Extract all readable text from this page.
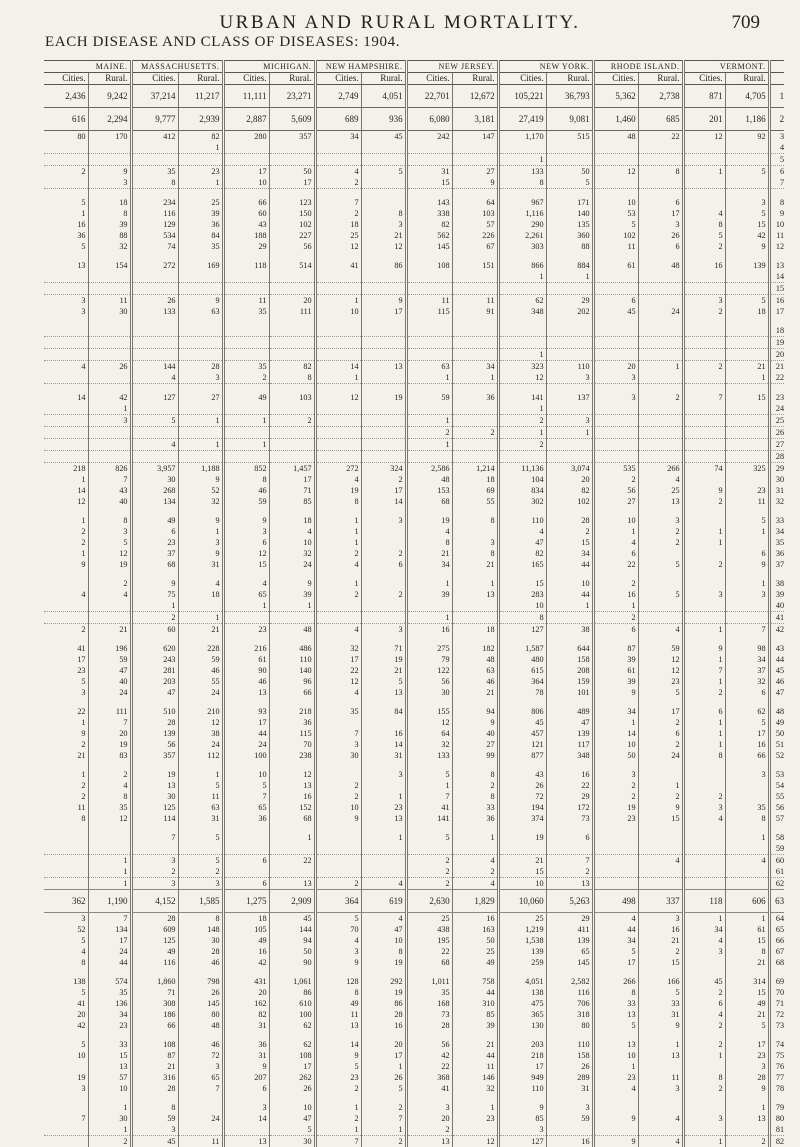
URBAN AND RURAL MORTALITY.	709
EACH DISEASE AND CLASS OF DISEASES: 1904.
MAINE.		MASSACHUSETTS.		MICHIGAN.		NEW HAMPSHIRE.		NEW JERSEY.		NEW YORK.		RHODE ISLAND.		VERMONT.		
Cities.	Rural.	Cities.	Rural.	Cities.	Rural.	Cities.	Rural.	Cities.	Rural.	Cities.	Rural.	Cities.	Rural.	Cities.	Rural.	
2,436	9,242	37,214	11,217	11,111	23,271	2,749	4,051	22,701	12,672	105,221	36,793	5,362	2,738	871	4,705	1
616	2,294	9,777	2,939	2,887	5,609	689	936	6,080	3,181	27,419	9,081	1,460	685	201	1,186	2
80	170	412	82	280	357	34	45	242	147	1,170	515	48	22	12	92	3
			1													4
										1						5
2	9	35	23	17	50	4	5	31	27	133	50	12	8	1	5	6
	3	8	1	10	17	2		15	9	8	5					7

5	18	234	25	66	123	7		143	64	967	171	10	6		3	8
1	8	116	39	60	150	2	8	338	103	1,116	140	53	17	4	5	9
16	39	129	36	43	102	18	3	82	57	290	135	5	3	8	15	10
36	88	534	84	188	227	25	21	562	226	2,261	360	102	26	5	42	11
5	32	74	35	29	56	12	12	145	67	303	88	11	6	2	9	12

13	154	272	169	118	514	41	86	108	151	866	884	61	48	16	139	13
										1	1					14
																15
3	11	26	9	11	20	1	9	11	11	62	29	6		3	5	16
3	30	133	63	35	111	10	17	115	91	348	202	45	24	2	18	17

																18
																19
										1						20
4	26	144	28	35	82	14	13	63	34	323	110	20	1	2	21	21
		4	3	2	8	1		1	1	12	3	3			1	22

14	42	127	27	49	103	12	19	59	36	141	137	3	2	7	15	23
	1									1						24
	3	5	1	1	2			1		2	3					25
								2	2	1	1					26
		4	1	1				1		2						27
																28
218	826	3,957	1,188	852	1,457	272	324	2,586	1,214	11,136	3,074	535	266	74	325	29
1	7	30	9	8	17	4	2	48	18	104	20	2	4			30
14	43	268	52	46	71	19	17	153	69	834	82	56	25	9	23	31
12	40	134	32	59	85	8	14	68	55	302	102	27	13	2	11	32

1	8	49	9	9	18	1	3	19	8	110	28	10	3		5	33
2	3	6	1	3	4	1		4		4	2	1	2	1	1	34
2	5	23	3	6	10	1		8	3	47	15	4	2	1		35
1	12	37	9	12	32	2	2	21	8	82	34	6			6	36
9	19	68	31	15	24	4	6	34	21	165	44	22	5	2	9	37

	2	9	4	4	9	1		1	1	15	10	2			1	38
4	4	75	18	65	39	2	2	39	13	283	44	16	5	3	3	39
		1		1	1					10	1	1				40
		2	1					1		8		2				41
2	21	60	21	23	48	4	3	16	18	127	38	6	4	1	7	42

41	196	620	228	216	486	32	71	275	182	1,587	644	87	59	9	98	43
17	59	243	59	61	110	17	19	79	48	480	158	39	12	1	34	44
23	47	281	46	90	140	22	21	122	63	615	208	61	12	7	37	45
5	40	203	55	46	96	12	5	56	46	364	159	39	23	1	32	46
3	24	47	24	13	66	4	13	30	21	78	101	9	5	2	6	47

22	111	510	210	93	218	35	84	155	94	806	489	34	17	6	62	48
1	7	28	12	17	36			12	9	45	47	1	2	1	5	49
9	20	139	38	44	115	7	16	64	40	457	139	14	6	1	17	50
2	19	56	24	24	70	3	14	32	27	121	117	10	2	1	16	51
21	83	357	112	100	238	30	31	133	99	877	348	50	24	8	66	52

1	2	19	1	10	12		3	5	8	43	16	3			3	53
2	4	13	5	5	13	2		1	2	26	22	2	1			54
2	8	30	11	7	16	2	1	7	8	72	29	2	2	2		55
11	35	125	63	65	152	10	23	41	33	194	172	19	9	3	35	56
8	12	114	31	36	68	9	13	141	36	374	73	23	15	4	8	57

		7	5		1		1	5	1	19	6				1	58
																59
	1	3	5	6	22			2	4	21	7		4		4	60
	1	2	2					2	2	15	2					61
	1	3	3	6	13	2	4	2	4	10	13					62
362	1,190	4,152	1,585	1,275	2,909	364	619	2,630	1,829	10,060	5,263	498	337	118	606	63
3	7	28	8	18	45	5	4	25	16	25	29	4	3	1	1	64
52	134	609	148	105	144	70	47	438	163	1,219	411	44	16	34	61	65
5	17	125	30	49	94	4	10	195	50	1,538	139	34	21	4	15	66
4	24	49	28	16	50	3	8	22	25	139	65	5	2	3	8	67
8	44	116	46	42	90	9	19	68	49	259	145	17	15		21	68

138	574	1,860	798	431	1,061	128	292	1,011	758	4,051	2,582	266	166	45	314	69
5	35	71	26	20	86	8	19	35	44	138	116	8	5	2	15	70
41	136	308	145	162	610	49	86	168	310	475	706	33	33	6	49	71
20	34	186	80	82	100	11	28	73	85	365	318	13	31	4	21	72
42	23	66	48	31	62	13	16	28	39	130	80	5	9	2	5	73

5	33	108	46	36	62	14	20	56	21	203	110	13	1	2	17	74
10	15	87	72	31	108	9	17	42	44	218	158	10	13	1	23	75
	13	21	3	9	17	5	1	22	11	17	26	1			3	76
19	57	316	65	207	262	23	26	368	146	949	289	23	11	8	28	77
3	10	28	7	6	26	2	5	41	32	110	31	4	3	2	9	78

	1	8		3	10	1	2	3	1	9	3				1	79
7	30	59	24	14	47	2	7	20	23	85	59	9	4	3	13	80
	1	3			5	1	1	2		3						81
	2	45	11	13	30	7	2	13	12	127	16	9	4	1	2	82
